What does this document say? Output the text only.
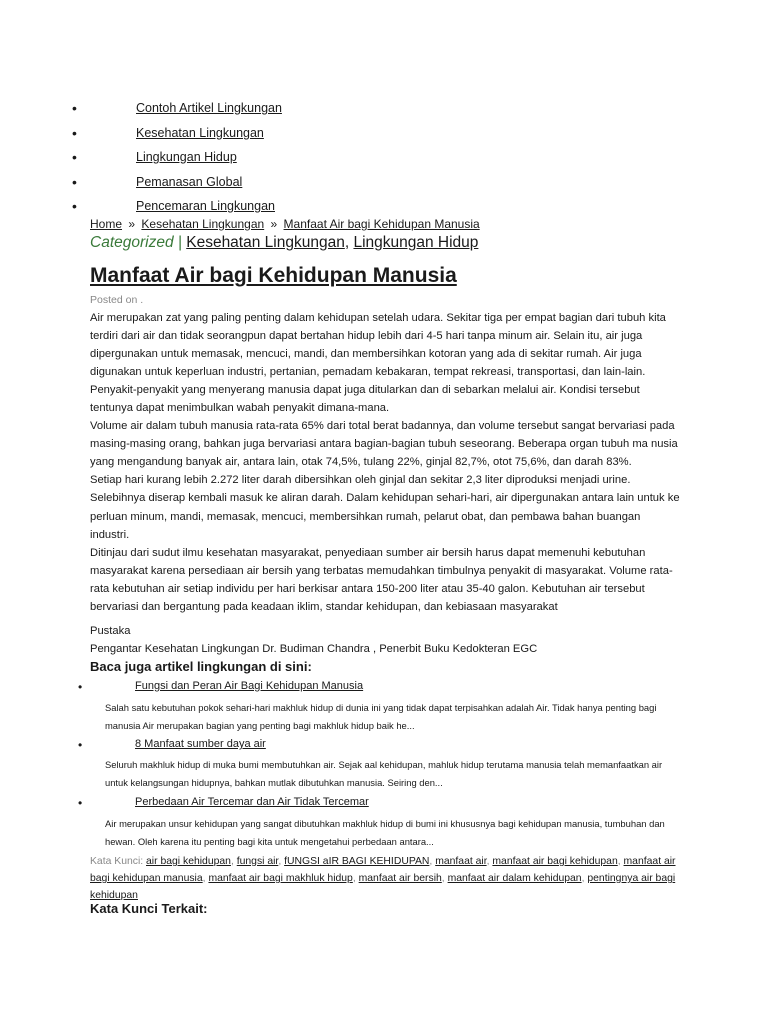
•	Contoh Artikel Lingkungan
•	Kesehatan Lingkungan
•	Lingkungan Hidup
•	Pemanasan Global
•	Pencemaran Lingkungan
Home » Kesehatan Lingkungan » Manfaat Air bagi Kehidupan Manusia
Categorized | Kesehatan Lingkungan, Lingkungan Hidup
Manfaat Air bagi Kehidupan Manusia
Posted on .

Air merupakan zat yang paling penting dalam kehidupan setelah udara. Sekitar tiga per empat bagian dari tubuh kita terdiri dari air dan tidak seorangpun dapat bertahan hidup lebih dari 4-5 hari tanpa minum air. Selain itu, air juga dipergunakan untuk memasak, mencuci, mandi, dan membersihkan kotoran yang ada di sekitar rumah. Air juga digunakan untuk keperluan industri, pertanian, pemadam kebakaran, tempat rekreasi, transportasi, dan lain-lain. Penyakit-penyakit yang menyerang manusia dapat juga ditularkan dan di sebarkan melalui air. Kondisi tersebut tentunya dapat menimbulkan wabah penyakit dimana-mana.

Volume air dalam tubuh manusia rata-rata 65% dari total berat badannya, dan volume tersebut sangat bervariasi pada masing-masing orang, bahkan juga bervariasi antara bagian-bagian tubuh seseorang. Beberapa organ tubuh ma nusia yang mengandung banyak air, antara lain, otak 74,5%, tulang 22%, ginjal 82,7%, otot 75,6%, dan darah 83%.

Setiap hari kurang lebih 2.272 liter darah dibersihkan oleh ginjal dan sekitar 2,3 liter diproduksi menjadi urine. Selebihnya diserap kembali masuk ke aliran darah. Dalam kehidupan sehari-hari, air dipergunakan antara lain untuk ke perluan minum, mandi, memasak, mencuci, membersihkan rumah, pelarut obat, dan pembawa bahan buangan industri.

Ditinjau dari sudut ilmu kesehatan masyarakat, penyediaan sumber air bersih harus dapat memenuhi kebutuhan masyarakat karena persediaan air bersih yang terbatas memudahkan timbulnya penyakit di masyarakat. Volume rata- rata kebutuhan air setiap individu per hari berkisar antara 150-200 liter atau 35-40 galon. Kebutuhan air tersebut bervariasi dan bergantung pada keadaan iklim, standar kehidupan, dan kebiasaan masyarakat

Pustaka
Pengantar Kesehatan Lingkungan Dr. Budiman Chandra , Penerbit Buku Kedokteran EGC
Baca juga artikel lingkungan di sini:
•	Fungsi dan Peran Air Bagi Kehidupan Manusia

Salah satu kebutuhan pokok sehari-hari makhluk hidup di dunia ini yang tidak dapat terpisahkan adalah Air. Tidak hanya penting bagi manusia Air merupakan bagian yang penting bagi makhluk hidup baik he...

•	8 Manfaat sumber daya air

Seluruh makhluk hidup di muka bumi membutuhkan air. Sejak aal kehidupan, mahluk hidup terutama manusia telah memanfaatkan air untuk kelangsungan hidupnya, bahkan mutlak dibutuhkan manusia. Seiring den...

•	Perbedaan Air Tercemar dan Air Tidak Tercemar

Air merupakan unsur kehidupan yang sangat dibutuhkan makhluk hidup di bumi ini khususnya bagi kehidupan manusia, tumbuhan dan hewan. Oleh karena itu penting bagi kita untuk mengetahui perbedaan antara...

Kata Kunci: air bagi kehidupan, fungsi air, fUNGSI aIR BAGI KEHIDUPAN, manfaat air, manfaat air bagi kehidupan, manfaat air bagi kehidupan manusia, manfaat air bagi makhluk hidup, manfaat air bersih, manfaat air dalam kehidupan, pentingnya air bagi kehidupan

Kata Kunci Terkait:
